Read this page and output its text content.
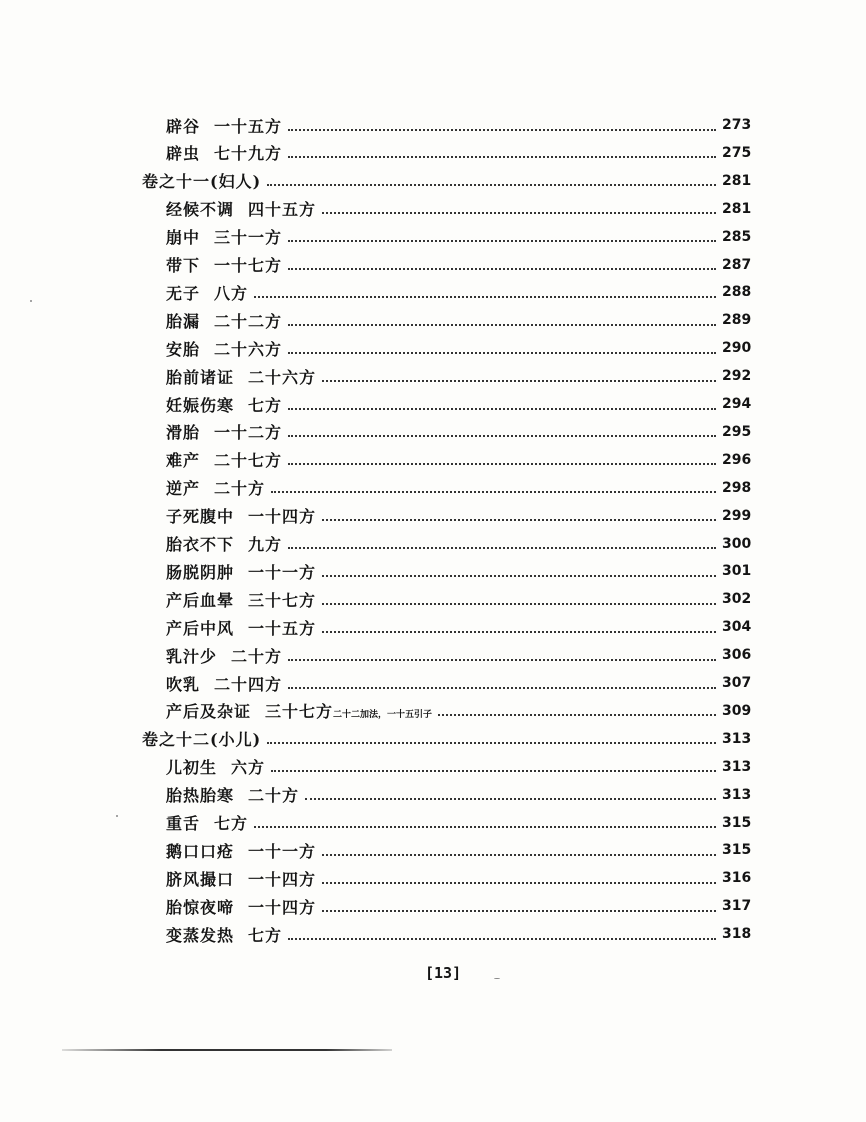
辟谷 一十五方	273
辟虫 七十九方	275
卷之十一(妇人)	281
经候不调 四十五方	281
崩中 三十一方	285
带下 一十七方	287
无子 八方	288
胎漏 二十二方	289
安胎 二十六方	290
胎前诸证 二十六方	292
妊娠伤寒 七方	294
滑胎 一十二方	295
难产 二十七方	296
逆产 二十方	298
子死腹中 一十四方	299
胎衣不下 九方	300
肠脱阴肿 一十一方	301
产后血晕 三十七方	302
产后中风 一十五方	304
乳汁少 二十方	306
吹乳 二十四方	307
产后及杂证 三十七方二十二加法，一十五引子	309
卷之十二(小儿)	313
儿初生 六方	313
胎热胎寒 二十方	313
重舌 七方	315
鹅口口疮 一十一方	315
脐风撮口 一十四方	316
胎惊夜啼 一十四方	317
变蒸发热 七方	318
[13]
